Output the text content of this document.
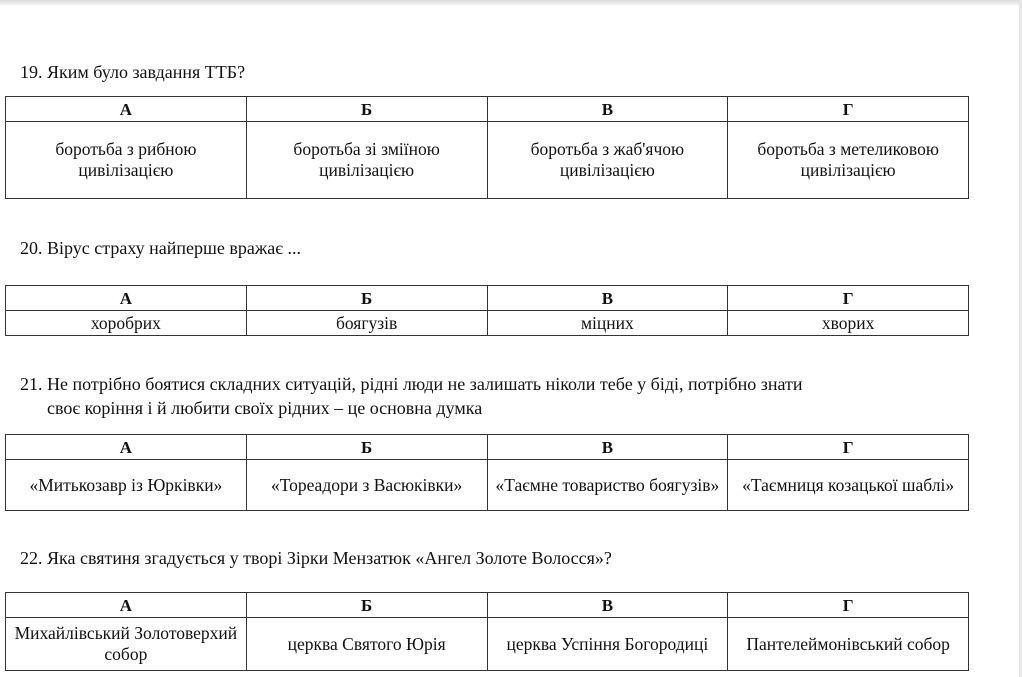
19. Яким було завдання ТТБ?
А	Б	В	Г
боротьба з рибною цивілізацією	боротьба зі зміїною цивілізацією	боротьба з жаб'ячою цивілізацією	боротьба з метеликовою цивілізацією
20. Вірус страху найперше вражає ...
А	Б	В	Г
хоробрих	боягузів	міцних	хворих
21. Не потрібно боятися складних ситуацій, рідні люди не залишать ніколи тебе у біді, потрібно знати
своє коріння і й любити своїх рідних – це основна думка
А	Б	В	Г
«Митькозавр із Юрківки»	«Тореадори з Васюківки»	«Таємне товариство боягузів»	«Таємниця козацької шаблі»
22. Яка святиня згадується у творі Зірки Мензатюк «Ангел Золоте Волосся»?
А	Б	В	Г
Михайлівський Золотоверхий собор	церква Святого Юрія	церква Успіння Богородиці	Пантелеймонівський собор
